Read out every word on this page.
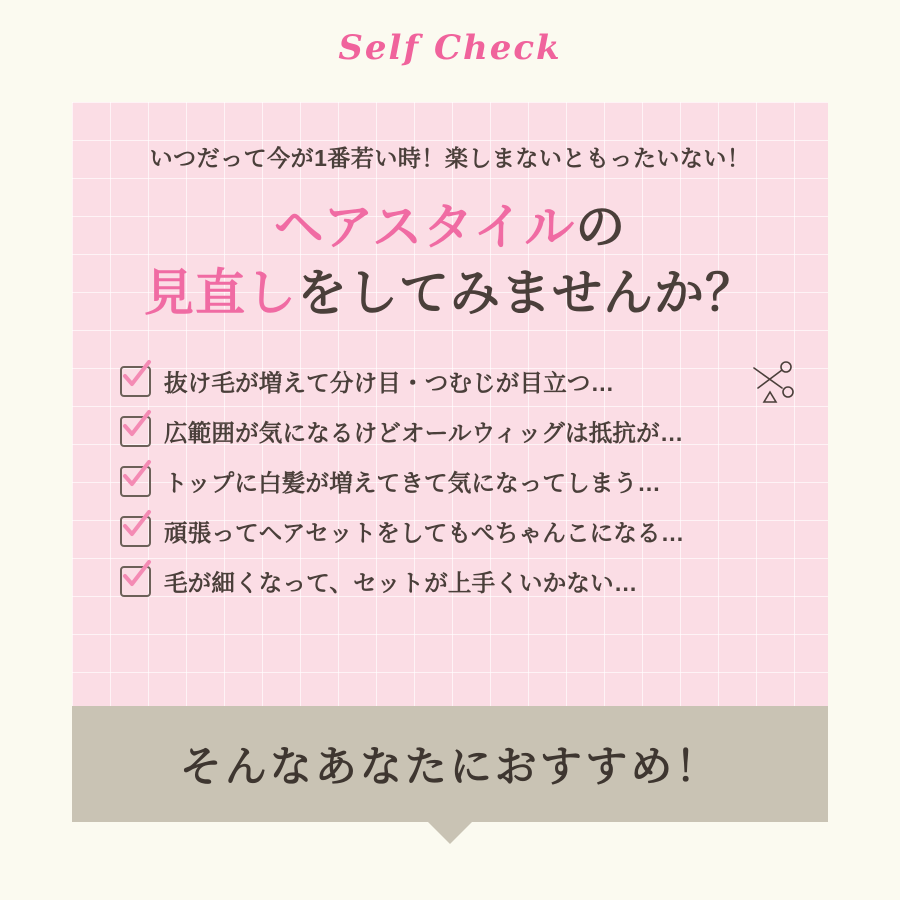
Self Check
いつだって今が1番若い時！楽しまないともったいない！
ヘアスタイルの
見直しをしてみませんか？
抜け毛が増えて分け目・つむじが目立つ…
広範囲が気になるけどオールウィッグは抵抗が…
トップに白髪が増えてきて気になってしまう…
頑張ってヘアセットをしてもぺちゃんこになる…
毛が細くなって、セットが上手くいかない…
そんなあなたにおすすめ！
